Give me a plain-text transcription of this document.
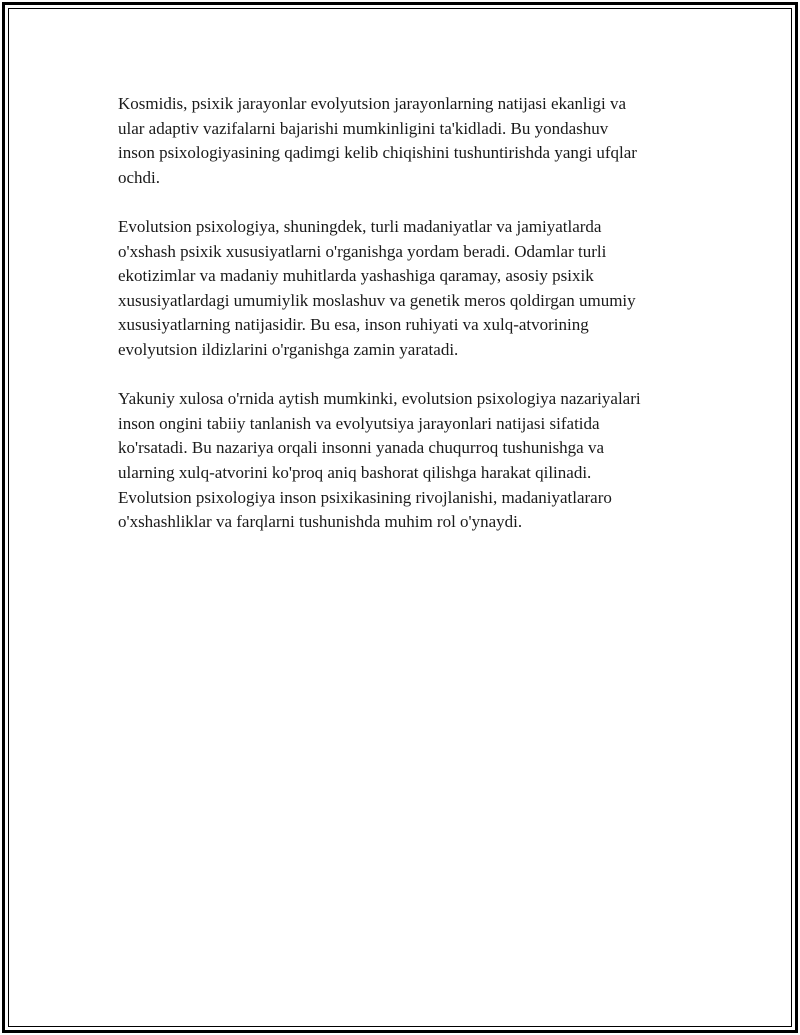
Kosmidis, psixik jarayonlar evolyutsion jarayonlarning natijasi ekanligi va
ular adaptiv vazifalarni bajarishi mumkinligini ta'kidladi. Bu yondashuv
inson psixologiyasining qadimgi kelib chiqishini tushuntirishda yangi ufqlar
ochdi.

Evolutsion psixologiya, shuningdek, turli madaniyatlar va jamiyatlarda
o'xshash psixik xususiyatlarni o'rganishga yordam beradi. Odamlar turli
ekotizimlar va madaniy muhitlarda yashashiga qaramay, asosiy psixik
xususiyatlardagi umumiylik moslashuv va genetik meros qoldirgan umumiy
xususiyatlarning natijasidir. Bu esa, inson ruhiyati va xulq-atvorining
evolyutsion ildizlarini o'rganishga zamin yaratadi.

Yakuniy xulosa o'rnida aytish mumkinki, evolutsion psixologiya nazariyalari
inson ongini tabiiy tanlanish va evolyutsiya jarayonlari natijasi sifatida
ko'rsatadi. Bu nazariya orqali insonni yanada chuqurroq tushunishga va
ularning xulq-atvorini ko'proq aniq bashorat qilishga harakat qilinadi.
Evolutsion psixologiya inson psixikasining rivojlanishi, madaniyatlararo
o'xshashliklar va farqlarni tushunishda muhim rol o'ynaydi.
